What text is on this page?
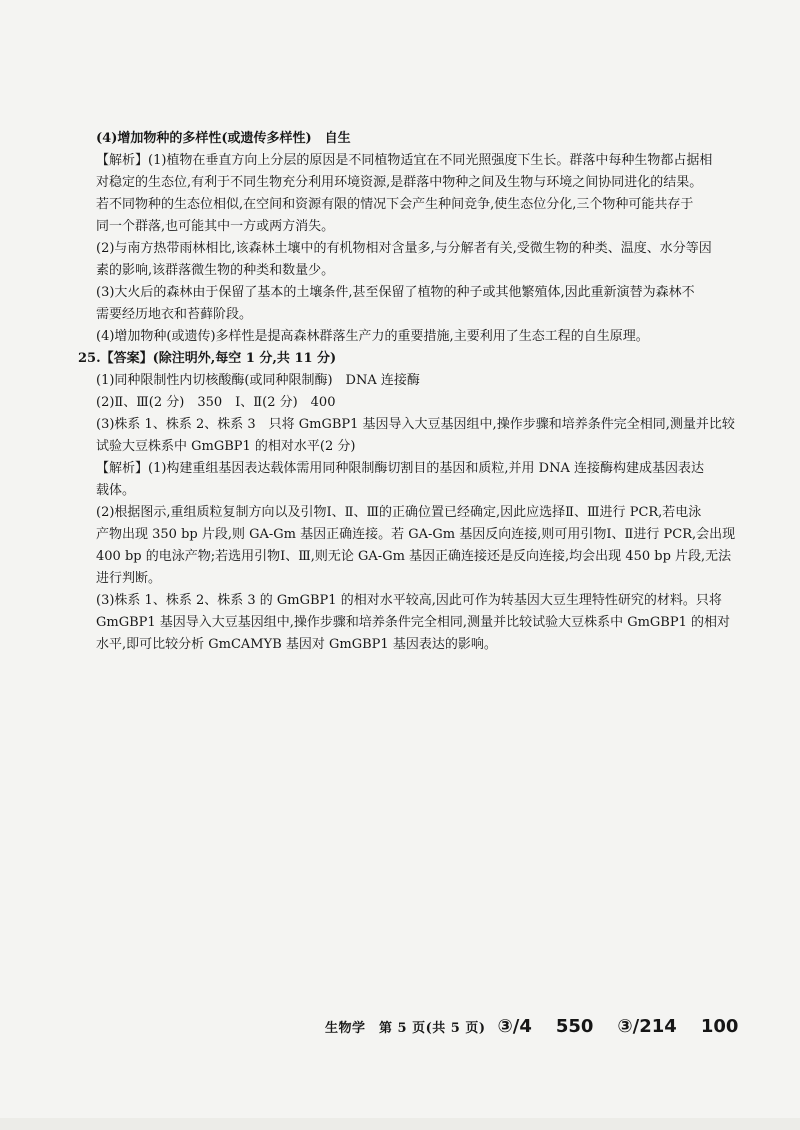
(4)增加物种的多样性(或遗传多样性)　自生
【解析】(1)植物在垂直方向上分层的原因是不同植物适宜在不同光照强度下生长。群落中每种生物都占据相
对稳定的生态位,有利于不同生物充分利用环境资源,是群落中物种之间及生物与环境之间协同进化的结果。
若不同物种的生态位相似,在空间和资源有限的情况下会产生种间竞争,使生态位分化,三个物种可能共存于
同一个群落,也可能其中一方或两方消失。
(2)与南方热带雨林相比,该森林土壤中的有机物相对含量多,与分解者有关,受微生物的种类、温度、水分等因
素的影响,该群落微生物的种类和数量少。
(3)大火后的森林由于保留了基本的土壤条件,甚至保留了植物的种子或其他繁殖体,因此重新演替为森林不
需要经历地衣和苔藓阶段。
(4)增加物种(或遗传)多样性是提高森林群落生产力的重要措施,主要利用了生态工程的自生原理。
25.【答案】(除注明外,每空 1 分,共 11 分)
(1)同种限制性内切核酸酶(或同种限制酶)　DNA 连接酶
(2)Ⅱ、Ⅲ(2 分)　350　Ⅰ、Ⅱ(2 分)　400
(3)株系 1、株系 2、株系 3　只将 GmGBP1 基因导入大豆基因组中,操作步骤和培养条件完全相同,测量并比较
试验大豆株系中 GmGBP1 的相对水平(2 分)
【解析】(1)构建重组基因表达载体需用同种限制酶切割目的基因和质粒,并用 DNA 连接酶构建成基因表达
载体。
(2)根据图示,重组质粒复制方向以及引物Ⅰ、Ⅱ、Ⅲ的正确位置已经确定,因此应选择Ⅱ、Ⅲ进行 PCR,若电泳
产物出现 350 bp 片段,则 GA-Gm 基因正确连接。若 GA-Gm 基因反向连接,则可用引物Ⅰ、Ⅱ进行 PCR,会出现
400 bp 的电泳产物;若选用引物Ⅰ、Ⅲ,则无论 GA-Gm 基因正确连接还是反向连接,均会出现 450 bp 片段,无法
进行判断。
(3)株系 1、株系 2、株系 3 的 GmGBP1 的相对水平较高,因此可作为转基因大豆生理特性研究的材料。只将
GmGBP1 基因导入大豆基因组中,操作步骤和培养条件完全相同,测量并比较试验大豆株系中 GmGBP1 的相对
水平,即可比较分析 GmCAMYB 基因对 GmGBP1 基因表达的影响。
生物学　第 5 页(共 5 页) ③/4 550 ③/214 100
